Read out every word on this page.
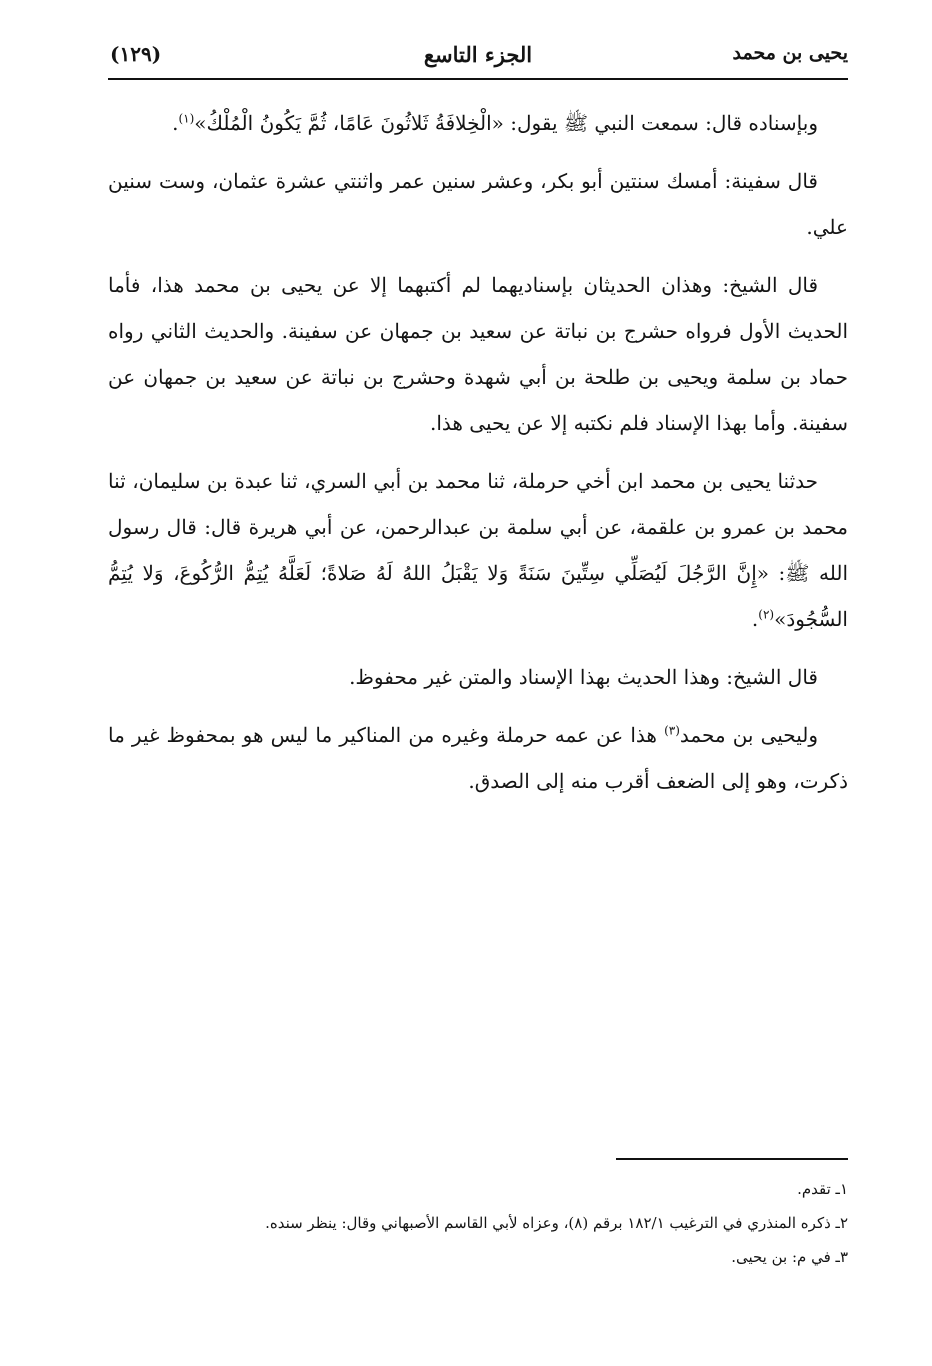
يحيى بن محمد
الجزء التاسع
(١٢٩)

وبإسناده قال: سمعت النبي ﷺ يقول: «الْخِلافَةُ ثَلاثُونَ عَامًا، ثُمَّ يَكُونُ الْمُلْكُ»$^{(١)}$.

قال سفينة: أمسك سنتين أبو بكر، وعشر سنين عمر واثنتي عشرة عثمان، وست سنين علي.

قال الشيخ: وهذان الحديثان بإسناديهما لم أكتبهما إلا عن يحيى بن محمد هذا، فأما الحديث الأول فرواه حشرج بن نباتة عن سعيد بن جمهان عن سفينة. والحديث الثاني رواه حماد بن سلمة ويحيى بن طلحة بن أبي شهدة وحشرج بن نباتة عن سعيد بن جمهان عن سفينة. وأما بهذا الإسناد فلم نكتبه إلا عن يحيى هذا.

حدثنا يحيى بن محمد ابن أخي حرملة، ثنا محمد بن أبي السري، ثنا عبدة بن سليمان، ثنا محمد بن عمرو بن علقمة، عن أبي سلمة بن عبدالرحمن، عن أبي هريرة قال: قال رسول الله ﷺ: «إِنَّ الرَّجُلَ لَيُصَلِّي سِتِّينَ سَنَةً وَلا يَقْبَلُ اللهُ لَهُ صَلاةً؛ لَعَلَّهُ يُتِمُّ الرُّكُوعَ، وَلا يُتِمُّ السُّجُودَ»$^{(٢)}$.

قال الشيخ: وهذا الحديث بهذا الإسناد والمتن غير محفوظ.

وليحيى بن محمد$^{(٣)}$ هذا عن عمه حرملة وغيره من المناكير ما ليس هو بمحفوظ غير ما ذكرت، وهو إلى الضعف أقرب منه إلى الصدق.

١ـ تقدم.

٢ـ ذكره المنذري في الترغيب ١٨٢/١ برقم (٨)، وعزاه لأبي القاسم الأصبهاني وقال: ينظر سنده.

٣ـ في م: بن يحيى.
